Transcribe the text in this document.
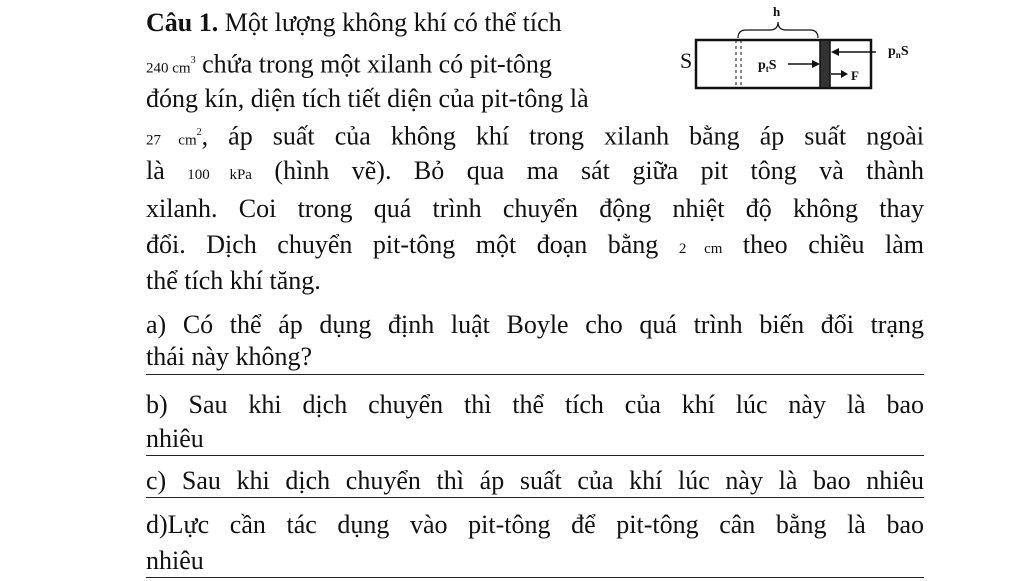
Câu 1. Một lượng không khí có thể tích
240 $cm^3$ chứa trong một xilanh có pit-tông
đóng kín, diện tích tiết diện của pit-tông là
27 $cm^2$, áp suất của không khí trong xilanh bằng áp suất ngoài
là 100 kPa (hình vẽ). Bỏ qua ma sát giữa pit tông và thành
xilanh. Coi trong quá trình chuyển động nhiệt độ không thay
đổi. Dịch chuyển pit-tông một đoạn bằng 2 cm theo chiều làm
thể tích khí tăng.
a) Có thể áp dụng định luật Boyle cho quá trình biến đổi trạng
thái này không?
b) Sau khi dịch chuyển thì thể tích của khí lúc này là bao
nhiêu
c) Sau khi dịch chuyển thì áp suất của khí lúc này là bao nhiêu
d)Lực cần tác dụng vào pit-tông để pit-tông cân bằng là bao
nhiêu
S
h
$p_tS$
$p_nS$
F
